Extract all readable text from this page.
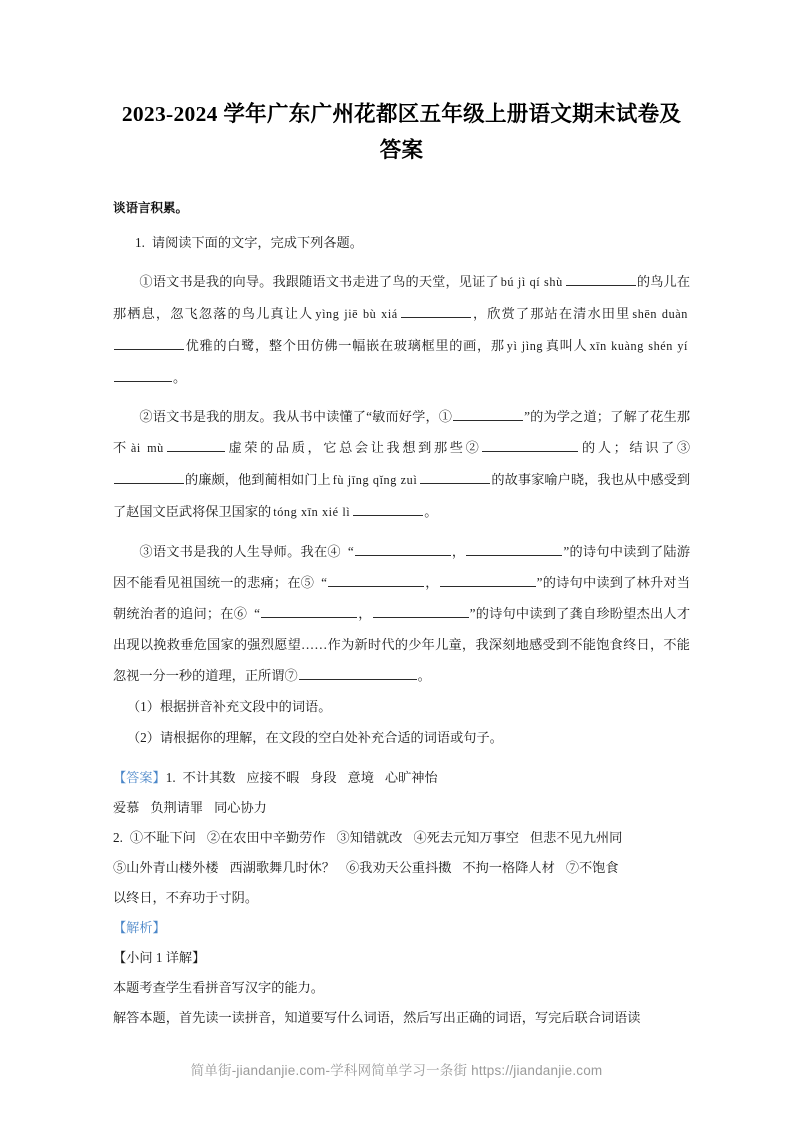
2023-2024 学年广东广州花都区五年级上册语文期末试卷及答案

谈语言积累。

1. 请阅读下面的文字，完成下列各题。

①语文书是我的向导。我跟随语文书走进了鸟的天堂，见证了 bú jì qí shù	的鸟儿在那栖息，忽飞忽落的鸟儿真让人 yìng jiē bù xiá	，欣赏了那站在清水田里 shēn duàn优雅的白鹭，整个田仿佛一幅嵌在玻璃框里的画，那 yì jìng 真叫人 xīn kuàng shén yí。

②语文书是我的朋友。我从书中读懂了“敏而好学，①	”的为学之道；了解了花生那不 ài mù	虚荣的品质，它总会让我想到那些②	的人；结识了③的廉颇，他到蔺相如门上 fù jīng qǐng zuì	的故事家喻户晓，我也从中感受到了赵国文臣武将保卫国家的 tóng xīn xié lì	。

③语文书是我的人生导师。我在④ “	，	”的诗句中读到了陆游因不能看见祖国统一的悲痛；在⑤ “	，	”的诗句中读到了林升对当朝统治者的追问；在⑥ “	，	”的诗句中读到了龚自珍盼望杰出人才出现以挽救垂危国家的强烈愿望……作为新时代的少年儿童，我深刻地感受到不能饱食终日，不能忽视一分一秒的道理，正所谓⑦	。

（1）根据拼音补充文段中的词语。

（2）请根据你的理解，在文段的空白处补充合适的词语或句子。

【答案】1. 不计其数 应接不暇 身段 意境 心旷神怡

爱慕 负荆请罪 同心协力

2. ①不耻下问 ②在农田中辛勤劳作 ③知错就改 ④死去元知万事空 但悲不见九州同

⑤山外青山楼外楼 西湖歌舞几时休？ ⑥我劝天公重抖擞 不拘一格降人材 ⑦不饱食

以终日，不弃功于寸阴。

【解析】

【小问 1 详解】

本题考查学生看拼音写汉字的能力。

解答本题，首先读一读拼音，知道要写什么词语，然后写出正确的词语，写完后联合词语读

简单街-jiandanjie.com-学科网简单学习一条街 https://jiandanjie.com
